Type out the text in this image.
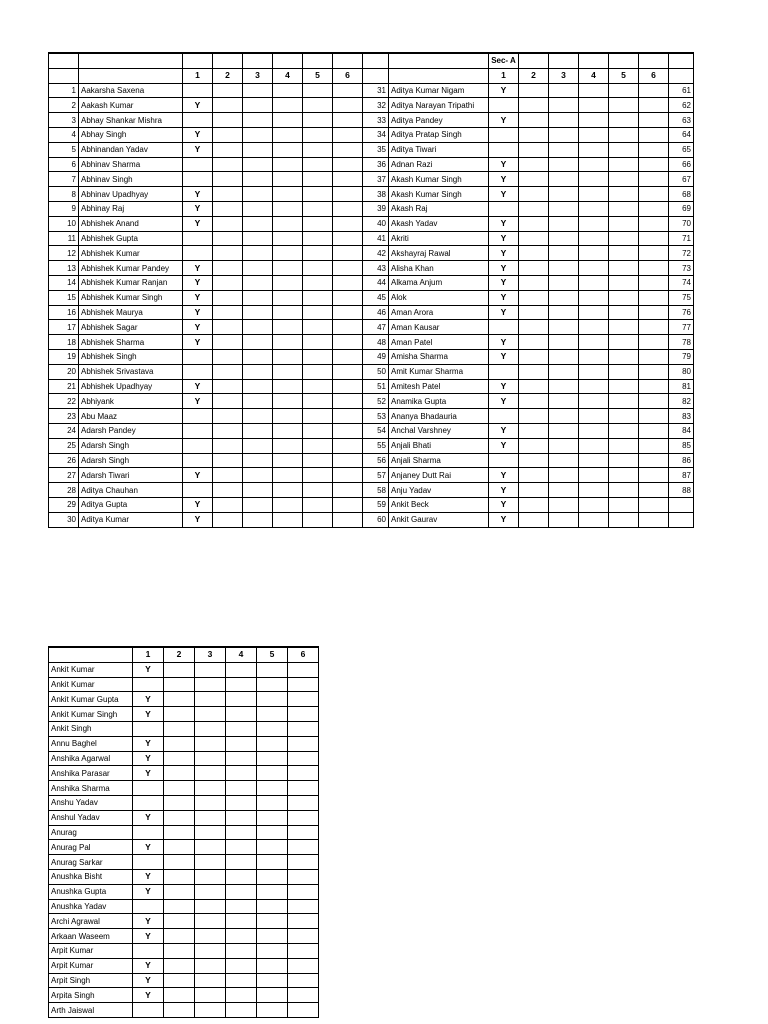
										Sec- A						
		1	2	3	4	5	6			1	2	3	4	5	6	
1	Aakarsha Saxena							31	Aditya Kumar Nigam	Y						61
2	Aakash Kumar	Y						32	Aditya Narayan Tripathi							62
3	Abhay Shankar Mishra							33	Aditya Pandey	Y						63
4	Abhay Singh	Y						34	Aditya Pratap Singh							64
5	Abhinandan Yadav	Y						35	Aditya Tiwari							65
6	Abhinav Sharma							36	Adnan Razi	Y						66
7	Abhinav Singh							37	Akash Kumar Singh	Y						67
8	Abhinav Upadhyay	Y						38	Akash Kumar Singh	Y						68
9	Abhinay Raj	Y						39	Akash Raj							69
10	Abhishek Anand	Y						40	Akash Yadav	Y						70
11	Abhishek Gupta							41	Akriti	Y						71
12	Abhishek Kumar							42	Akshayraj Rawal	Y						72
13	Abhishek Kumar Pandey	Y						43	Alisha Khan	Y						73
14	Abhishek Kumar Ranjan	Y						44	Alkama Anjum	Y						74
15	Abhishek Kumar Singh	Y						45	Alok	Y						75
16	Abhishek Maurya	Y						46	Aman Arora	Y						76
17	Abhishek Sagar	Y						47	Aman Kausar							77
18	Abhishek Sharma	Y						48	Aman Patel	Y						78
19	Abhishek Singh							49	Amisha Sharma	Y						79
20	Abhishek Srivastava							50	Amit Kumar Sharma							80
21	Abhishek Upadhyay	Y						51	Amitesh Patel	Y						81
22	Abhiyank	Y						52	Anamika Gupta	Y						82
23	Abu Maaz							53	Ananya Bhadauria							83
24	Adarsh Pandey							54	Anchal Varshney	Y						84
25	Adarsh Singh							55	Anjali Bhati	Y						85
26	Adarsh Singh							56	Anjali Sharma							86
27	Adarsh Tiwari	Y						57	Anjaney Dutt Rai	Y						87
28	Aditya Chauhan							58	Anju Yadav	Y						88
29	Aditya Gupta	Y						59	Ankit Beck	Y						
30	Aditya Kumar	Y						60	Ankit Gaurav	Y						
	1	2	3	4	5	6
Ankit Kumar	Y					
Ankit Kumar						
Ankit Kumar Gupta	Y					
Ankit Kumar Singh	Y					
Ankit Singh						
Annu Baghel	Y					
Anshika Agarwal	Y					
Anshika Parasar	Y					
Anshika Sharma						
Anshu Yadav						
Anshul Yadav	Y					
Anurag						
Anurag Pal	Y					
Anurag Sarkar						
Anushka Bisht	Y					
Anushka Gupta	Y					
Anushka Yadav						
Archi Agrawal	Y					
Arkaan Waseem	Y					
Arpit Kumar						
Arpit Kumar	Y					
Arpit Singh	Y					
Arpita Singh	Y					
Arth Jaiswal						
